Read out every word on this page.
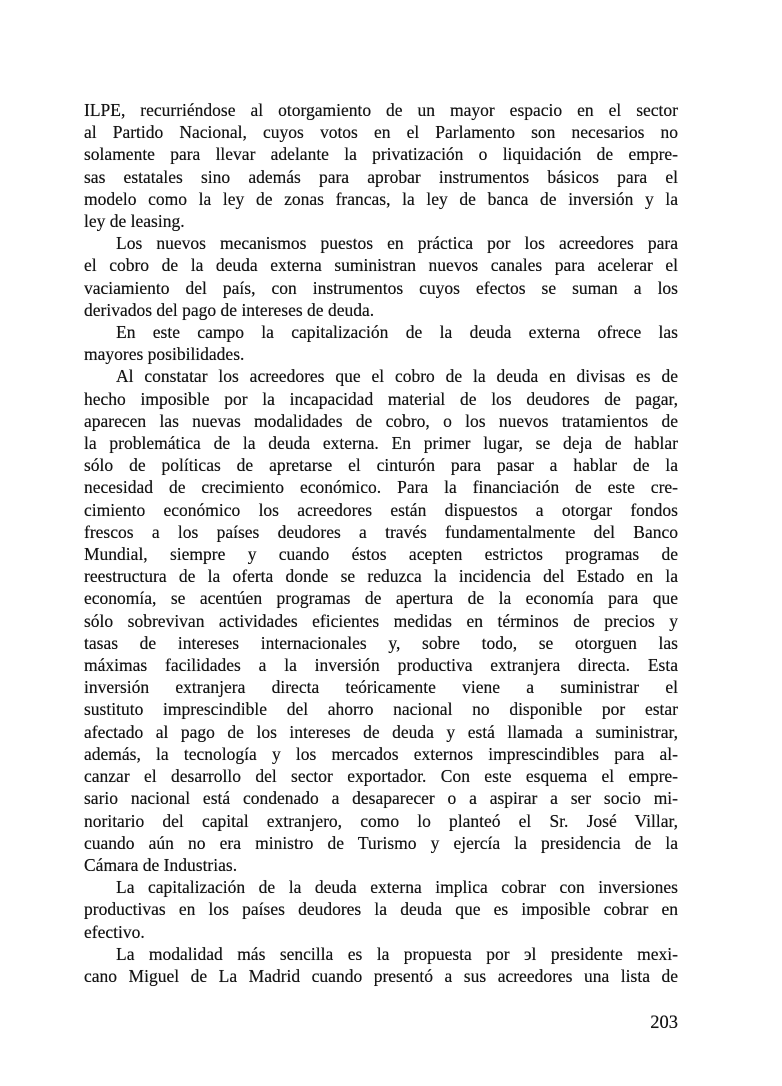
ILPE, recurriéndose al otorgamiento de un mayor espacio en el sector
al Partido Nacional, cuyos votos en el Parlamento son necesarios no
solamente para llevar adelante la privatización o liquidación de empre-
sas estatales sino además para aprobar instrumentos básicos para el
modelo como la ley de zonas francas, la ley de banca de inversión y la
ley de leasing.
Los nuevos mecanismos puestos en práctica por los acreedores para
el cobro de la deuda externa suministran nuevos canales para acelerar el
vaciamiento del país, con instrumentos cuyos efectos se suman a los
derivados del pago de intereses de deuda.
En este campo la capitalización de la deuda externa ofrece las
mayores posibilidades.
Al constatar los acreedores que el cobro de la deuda en divisas es de
hecho imposible por la incapacidad material de los deudores de pagar,
aparecen las nuevas modalidades de cobro, o los nuevos tratamientos de
la problemática de la deuda externa. En primer lugar, se deja de hablar
sólo de políticas de apretarse el cinturón para pasar a hablar de la
necesidad de crecimiento económico. Para la financiación de este cre-
cimiento económico los acreedores están dispuestos a otorgar fondos
frescos a los países deudores a través fundamentalmente del Banco
Mundial, siempre y cuando éstos acepten estrictos programas de
reestructura de la oferta donde se reduzca la incidencia del Estado en la
economía, se acentúen programas de apertura de la economía para que
sólo sobrevivan actividades eficientes medidas en términos de precios y
tasas de intereses internacionales y, sobre todo, se otorguen las
máximas facilidades a la inversión productiva extranjera directa. Esta
inversión extranjera directa teóricamente viene a suministrar el
sustituto imprescindible del ahorro nacional no disponible por estar
afectado al pago de los intereses de deuda y está llamada a suministrar,
además, la tecnología y los mercados externos imprescindibles para al-
canzar el desarrollo del sector exportador. Con este esquema el empre-
sario nacional está condenado a desaparecer o a aspirar a ser socio mi-
noritario del capital extranjero, como lo planteó el Sr. José Villar,
cuando aún no era ministro de Turismo y ejercía la presidencia de la
Cámara de Industrias.
La capitalización de la deuda externa implica cobrar con inversiones
productivas en los países deudores la deuda que es imposible cobrar en
efectivo.
La modalidad más sencilla es la propuesta por эl presidente mexi-
cano Miguel de La Madrid cuando presentó a sus acreedores una lista de
203
